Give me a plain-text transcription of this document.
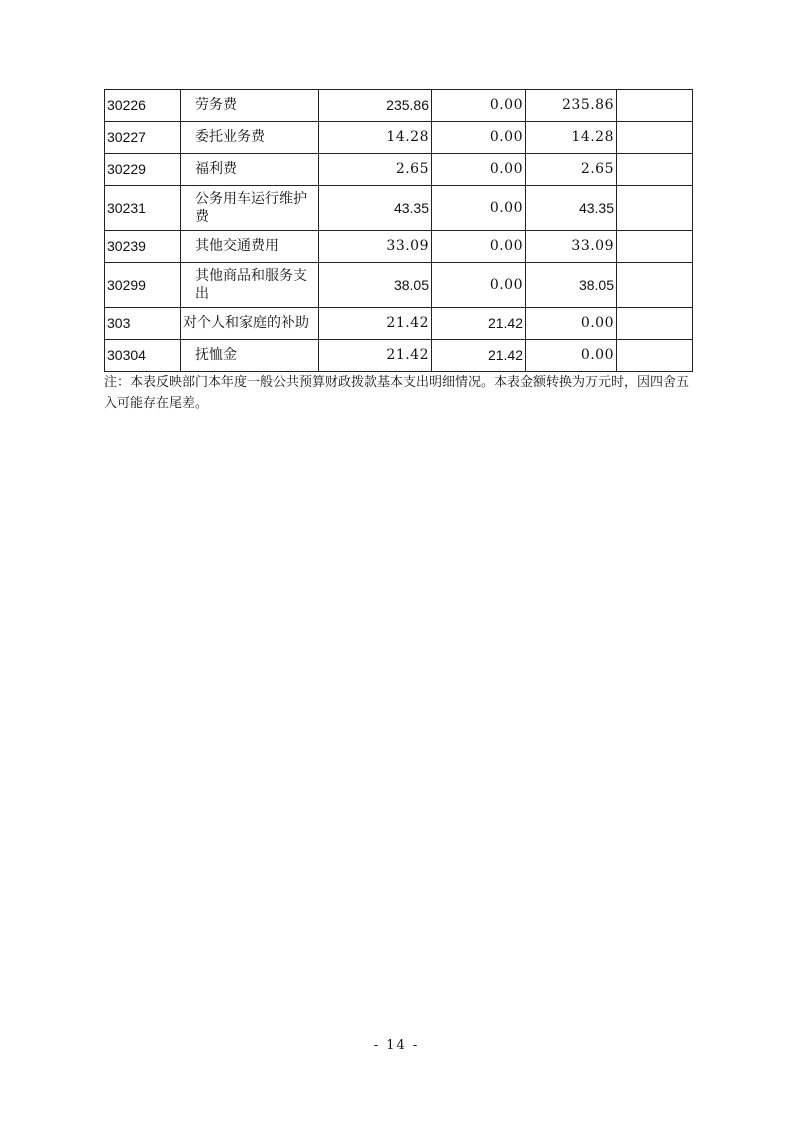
30226	劳务费	235.86	0.00	235.86	
30227	委托业务费	14.28	0.00	14.28	
30229	福利费	2.65	0.00	2.65	
30231	公务用车运行维护费	43.35	0.00	43.35	
30239	其他交通费用	33.09	0.00	33.09	
30299	其他商品和服务支出	38.05	0.00	38.05	
303	对个人和家庭的补助	21.42	21.42	0.00	
30304	抚恤金	21.42	21.42	0.00	
注：本表反映部门本年度一般公共预算财政拨款基本支出明细情况。本表金额转换为万元时，因四舍五入可能存在尾差。
- 14 -
